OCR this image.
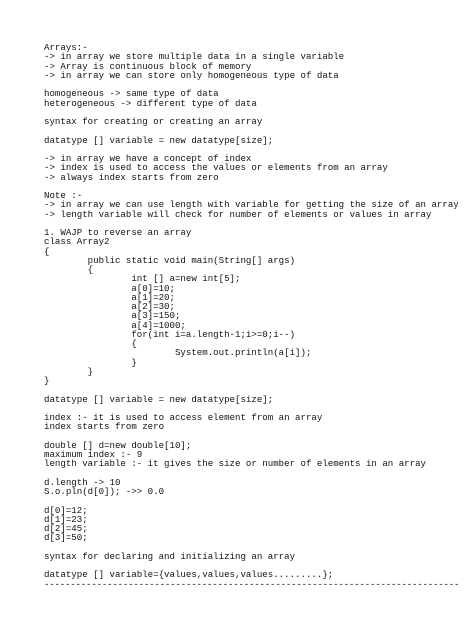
Arrays:-
-> in array we store multiple data in a single variable
-> Array is continuous block of memory
-> in array we can store only homogeneous type of data
homogeneous -> same type of data
heterogeneous -> different type of data
syntax for creating or creating an array
datatype [] variable = new datatype[size];
-> in array we have a concept of index
-> index is used to access the values or elements from an array
-> always index starts from zero
Note :-
-> in array we can use length with variable for getting the size of an array
-> length variable will check for number of elements or values in array
1. WAJP to reverse an array
class Array2
{
public static void main(String[] args)
{
int [] a=new int[5];
a[0]=10;
a[1]=20;
a[2]=30;
a[3]=150;
a[4]=1000;
for(int i=a.length-1;i>=0;i--)
{
System.out.println(a[i]);
}
}
}
datatype [] variable = new datatype[size];
index :- it is used to access element from an array
index starts from zero
double [] d=new double[10];
maximum index :- 9
length variable :- it gives the size or number of elements in an array
d.length -> 10
S.o.pln(d[0]); ->> 0.0
d[0]=12;
d[1]=23;
d[2]=45;
d[3]=50;
syntax for declaring and initializing an array
datatype [] variable={values,values,values.........};
-------------------------------------------------------------------------------
